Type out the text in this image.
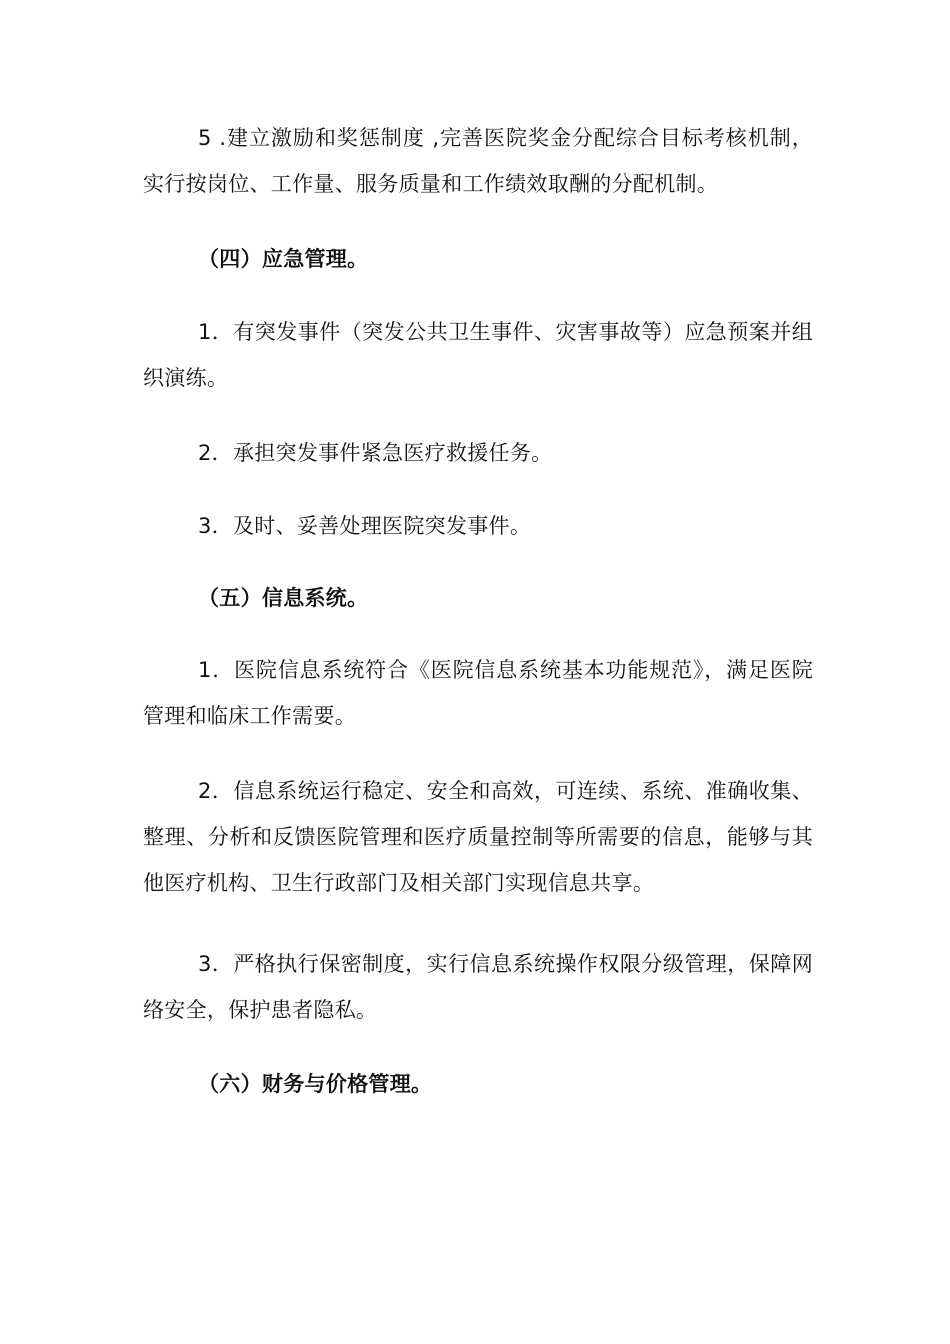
5 .建立激励和奖惩制度 ,完善医院奖金分配综合目标考核机制，实行按岗位、工作量、服务质量和工作绩效取酬的分配机制。

（四）应急管理。

1．有突发事件（突发公共卫生事件、灾害事故等）应急预案并组织演练。

2．承担突发事件紧急医疗救援任务。

3．及时、妥善处理医院突发事件。

（五）信息系统。

1．医院信息系统符合《医院信息系统基本功能规范》，满足医院管理和临床工作需要。

2．信息系统运行稳定、安全和高效，可连续、系统、准确收集、整理、分析和反馈医院管理和医疗质量控制等所需要的信息，能够与其他医疗机构、卫生行政部门及相关部门实现信息共享。

3．严格执行保密制度，实行信息系统操作权限分级管理，保障网络安全，保护患者隐私。

（六）财务与价格管理。
